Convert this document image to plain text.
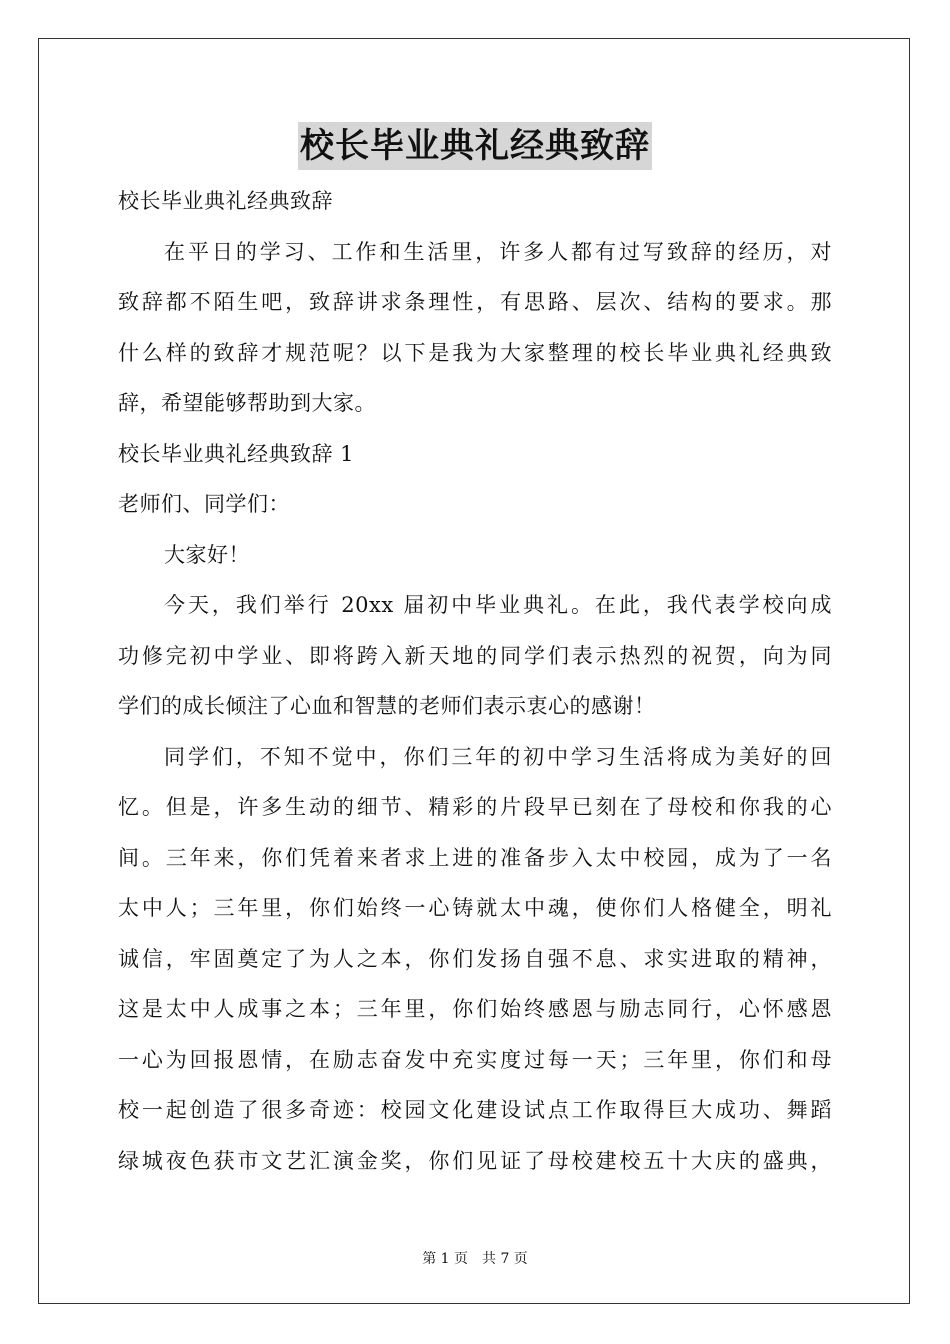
校长毕业典礼经典致辞
校长毕业典礼经典致辞
在平日的学习、工作和生活里，许多人都有过写致辞的经历，对
致辞都不陌生吧，致辞讲求条理性，有思路、层次、结构的要求。那
什么样的致辞才规范呢？以下是我为大家整理的校长毕业典礼经典致
辞，希望能够帮助到大家。
校长毕业典礼经典致辞 1
老师们、同学们：
大家好！
今天，我们举行 20xx 届初中毕业典礼。在此，我代表学校向成
功修完初中学业、即将跨入新天地的同学们表示热烈的祝贺，向为同
学们的成长倾注了心血和智慧的老师们表示衷心的感谢！
同学们，不知不觉中，你们三年的初中学习生活将成为美好的回
忆。但是，许多生动的细节、精彩的片段早已刻在了母校和你我的心
间。三年来，你们凭着来者求上进的准备步入太中校园，成为了一名
太中人；三年里，你们始终一心铸就太中魂，使你们人格健全，明礼
诚信，牢固奠定了为人之本，你们发扬自强不息、求实进取的精神，
这是太中人成事之本；三年里，你们始终感恩与励志同行，心怀感恩
一心为回报恩情，在励志奋发中充实度过每一天；三年里，你们和母
校一起创造了很多奇迹：校园文化建设试点工作取得巨大成功、舞蹈
绿城夜色获市文艺汇演金奖，你们见证了母校建校五十大庆的盛典，
第 1 页 共 7 页
